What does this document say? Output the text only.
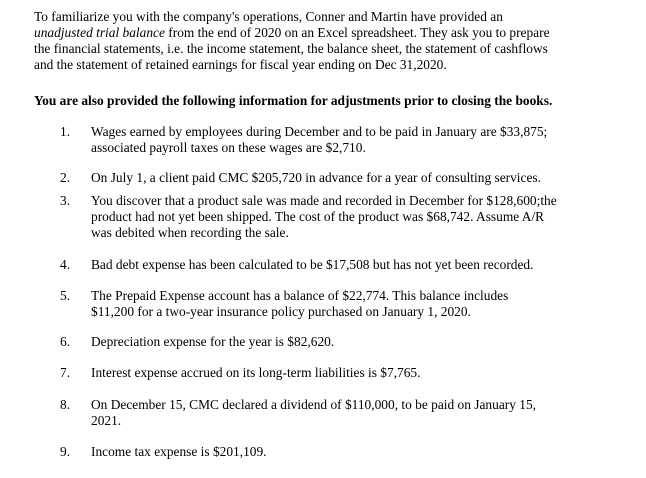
To familiarize you with the company's operations, Conner and Martin have provided an
unadjusted trial balance from the end of 2020 on an Excel spreadsheet. They ask you to prepare
the financial statements, i.e. the income statement, the balance sheet, the statement of cashflows
and the statement of retained earnings for fiscal year ending on Dec 31,2020.

You are also provided the following information for adjustments prior to closing the books.
1.	Wages earned by employees during December and to be paid in January are $33,875;
associated payroll taxes on these wages are $2,710.
2.	On July 1, a client paid CMC $205,720 in advance for a year of consulting services.
3.	You discover that a product sale was made and recorded in December for $128,600;the
product had not yet been shipped. The cost of the product was $68,742. Assume A/R
was debited when recording the sale.
4.	Bad debt expense has been calculated to be $17,508 but has not yet been recorded.
5.	The Prepaid Expense account has a balance of $22,774. This balance includes
$11,200 for a two-year insurance policy purchased on January 1, 2020.
6.	Depreciation expense for the year is $82,620.
7.	Interest expense accrued on its long-term liabilities is $7,765.
8.	On December 15, CMC declared a dividend of $110,000, to be paid on January 15,
2021.
9.	Income tax expense is $201,109.
